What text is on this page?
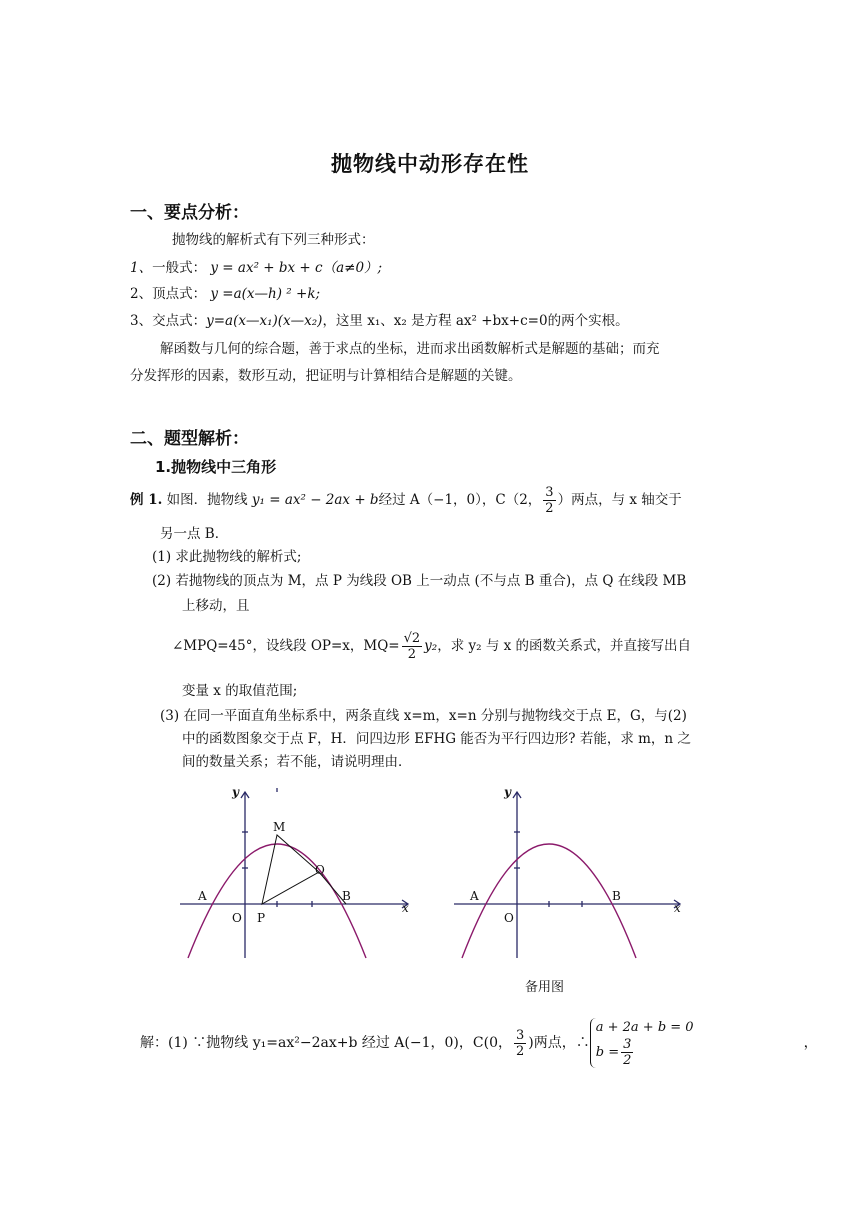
抛物线中动形存在性
一、要点分析：
抛物线的解析式有下列三种形式：
1、一般式： y = ax² + bx + c（a≠0）;
2、顶点式： y =a(x—h) ² +k;
3、交点式：y=a(x—x₁)(x—x₂)，这里 x₁、x₂ 是方程 ax² +bx+c=0的两个实根。
解函数与几何的综合题，善于求点的坐标，进而求出函数解析式是解题的基础；而充
分发挥形的因素，数形互动，把证明与计算相结合是解题的关键。
二、题型解析：
1.抛物线中三角形
例 1.
如图．抛物线
y₁ = ax² − 2ax + b 经过 A（−1，0），C（2， $\frac{3}{2}$ ）两点，与 x 轴交于
另一点 B．
(1) 求此抛物线的解析式;
(2) 若抛物线的顶点为 M，点 P 为线段 OB 上一动点 (不与点 B 重合)，点 Q 在线段 MB
上移动，且
∠MPQ=45°，设线段 OP=x，$MQ= \frac{√2}{2} y_2$ ，求 y₂ 与 x 的函数关系式，并直接写出自
变量 x 的取值范围;
(3) 在同一平面直角坐标系中，两条直线 x=m，x=n 分别与抛物线交于点 E，G，与(2)
中的函数图象交于点 F，H．问四边形 EFHG 能否为平行四边形? 若能，求 m，n 之
间的数量关系；若不能，请说明理由．
y
x
A
O P
M
Q
B
y
x
A
O
B
备用图
解：(1) ∵抛物线 y₁=ax²−2ax+b 经过 A(−1，0)，C(0， $\frac{3}{2}$ )两点，∴
a + 2a + b = 0
$b = \frac{3}{2}$	，
